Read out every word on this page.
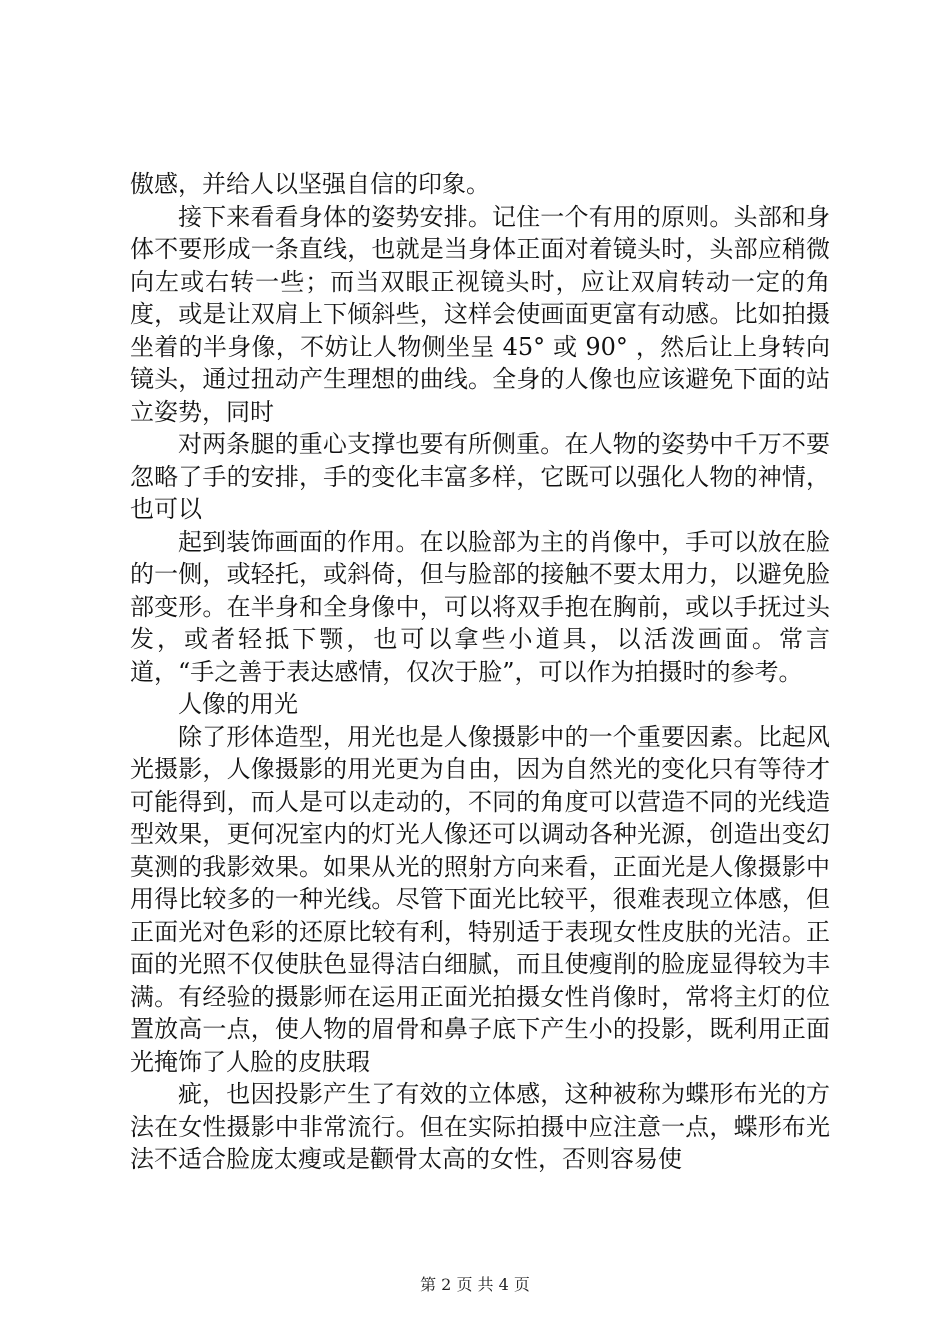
傲感，并给人以坚强自信的印象。

接下来看看身体的姿势安排。记住一个有用的原则。头部和身体不要形成一条直线，也就是当身体正面对着镜头时，头部应稍微向左或右转一些；而当双眼正视镜头时，应让双肩转动一定的角度，或是让双肩上下倾斜些，这样会使画面更富有动感。比如拍摄坐着的半身像，不妨让人物侧坐呈 45° 或 90° ，然后让上身转向镜头，通过扭动产生理想的曲线。全身的人像也应该避免下面的站立姿势，同时

对两条腿的重心支撑也要有所侧重。在人物的姿势中千万不要忽略了手的安排，手的变化丰富多样，它既可以强化人物的神情，也可以

起到装饰画面的作用。在以脸部为主的肖像中，手可以放在脸的一侧，或轻托，或斜倚，但与脸部的接触不要太用力，以避免脸部变形。在半身和全身像中，可以将双手抱在胸前，或以手抚过头发，或者轻抵下颚，也可以拿些小道具，以活泼画面。常言道，“手之善于表达感情，仅次于脸”，可以作为拍摄时的参考。

人像的用光

除了形体造型，用光也是人像摄影中的一个重要因素。比起风光摄影，人像摄影的用光更为自由，因为自然光的变化只有等待才可能得到，而人是可以走动的，不同的角度可以营造不同的光线造型效果，更何况室内的灯光人像还可以调动各种光源，创造出变幻莫测的我影效果。如果从光的照射方向来看，正面光是人像摄影中用得比较多的一种光线。尽管下面光比较平，很难表现立体感，但正面光对色彩的还原比较有利，特别适于表现女性皮肤的光洁。正面的光照不仅使肤色显得洁白细腻，而且使瘦削的脸庞显得较为丰满。有经验的摄影师在运用正面光拍摄女性肖像时，常将主灯的位置放高一点，使人物的眉骨和鼻子底下产生小的投影，既利用正面光掩饰了人脸的皮肤瑕

疵，也因投影产生了有效的立体感，这种被称为蝶形布光的方法在女性摄影中非常流行。但在实际拍摄中应注意一点，蝶形布光法不适合脸庞太瘦或是颧骨太高的女性，否则容易使

第 2 页 共 4 页
